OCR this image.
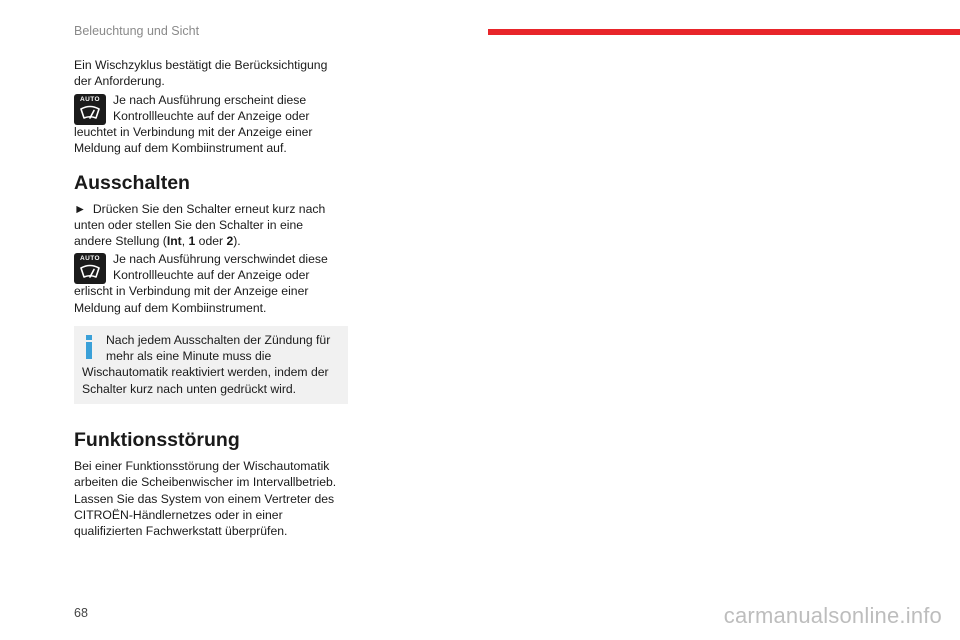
Beleuchtung und Sicht

Ein Wischzyklus bestätigt die Berücksichtigung der Anforderung.

AUTO Je nach Ausführung erscheint diese Kontrollleuchte auf der Anzeige oder
leuchtet in Verbindung mit der Anzeige einer Meldung auf dem Kombiinstrument auf.
Ausschalten

► Drücken Sie den Schalter erneut kurz nach unten oder stellen Sie den Schalter in eine andere Stellung (Int, 1 oder 2).

AUTO Je nach Ausführung verschwindet diese Kontrollleuchte auf der Anzeige oder
erlischt in Verbindung mit der Anzeige einer Meldung auf dem Kombiinstrument.
Nach jedem Ausschalten der Zündung für mehr als eine Minute muss die
Wischautomatik reaktiviert werden, indem der Schalter kurz nach unten gedrückt wird.
Funktionsstörung

Bei einer Funktionsstörung der Wischautomatik arbeiten die Scheibenwischer im Intervallbetrieb. Lassen Sie das System von einem Vertreter des CITROËN-Händlernetzes oder in einer qualifizierten Fachwerkstatt überprüfen.

68	carmanualsonline.info
